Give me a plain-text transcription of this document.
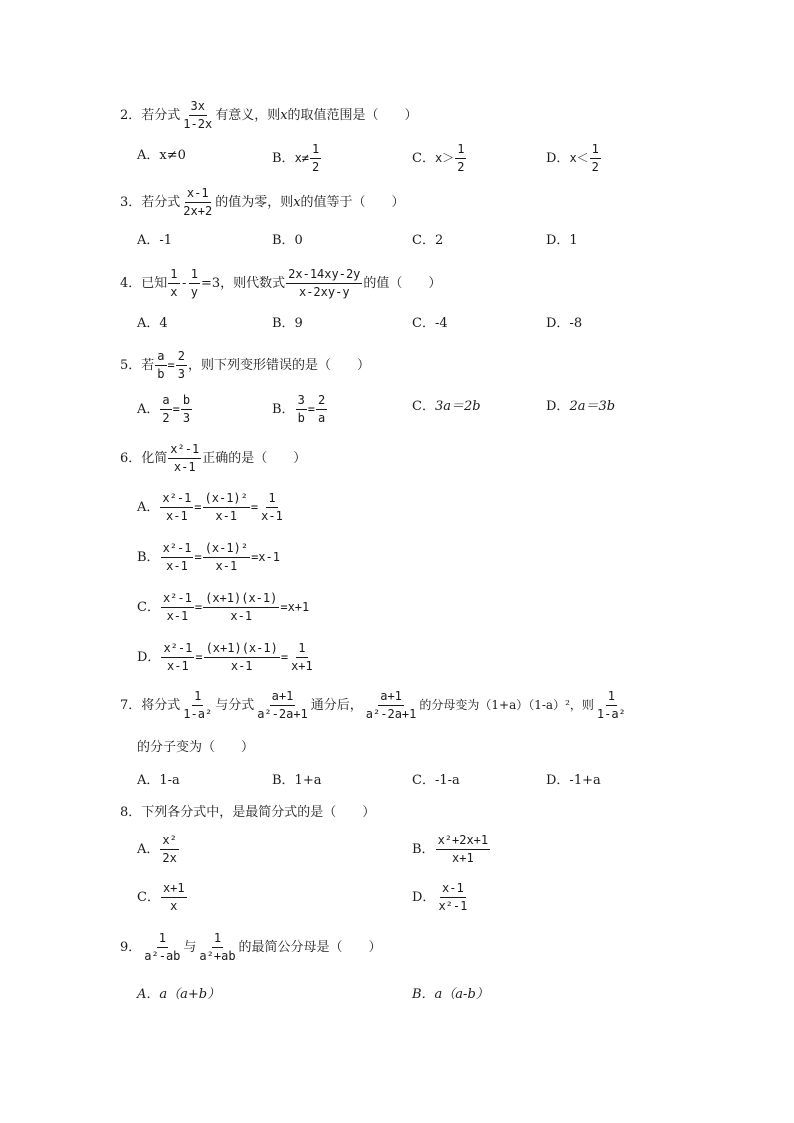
2．若分式 $\frac{3x}{1-2x}$ 有意义，则 x 的取值范围是（　　）
A．x≠0	B． $x\ne \frac{1}{2}$	C． $x> \frac{1}{2}$	D． $x< \frac{1}{2}$
3．若分式 $\frac{x-1}{2x+2}$ 的值为零，则 x 的值等于（　　）
A．-1	B．0	C．2	D．1
4．已知 $\frac{1}{x} - \frac{1}{y} =3$，则代数式 $\frac{2x-14xy-2y}{x-2xy-y}$ 的值（　　）
A．4	B．9	C．-4	D．-8
5．若 $\frac{a}{b} = \frac{2}{3}$ ，则下列变形错误的是（　　）
A． $\frac{a}{2} = \frac{b}{3}$	B． $\frac{3}{b} = \frac{2}{a}$	C．3a＝2b	D．2a＝3b
6．化简 $\frac{\text{x²-1}}{x-1}$ 正确的是（　　）
A． $\frac{\text{x²-1}}{x-1} = \frac{\text{(x-1)²}}{x-1} = \frac{1}{x-1}$
B． $\frac{\text{x²-1}}{x-1} = \frac{\text{(x-1)²}}{x-1} =x-1$
C． $\frac{\text{x²-1}}{x-1} = \frac{(x+1)(x-1)}{x-1} =x+1$
D． $\frac{\text{x²-1}}{x-1} = \frac{(x+1)(x-1)}{x-1} = \frac{1}{x+1}$
7．将分式 $\frac{1}{\text{1-a²}}$ 与分式 $\frac{a+1}{\text{a²-2a+1}}$ 通分后， $\frac{a+1}{\text{a²-2a+1}}$ 的分母变为（1+a）（1-a）²，则 $\frac{1}{\text{1-a²}}$
的分子变为（　　）
A．1-a	B．1+a	C．-1-a	D．-1+a
8．下列各分式中，是最简分式的是（　　）
A． $\frac{\text{x²}}{2x}$	B． $\frac{\text{x²+2x+1}}{x+1}$
C． $\frac{x+1}{x}$	D． $\frac{x-1}{\text{x²-1}}$
9． $\frac{1}{\text{a²-ab}}$ 与 $\frac{1}{\text{a²+ab}}$ 的最简公分母是（　　）
A．a（a+b）	B．a（a-b）
